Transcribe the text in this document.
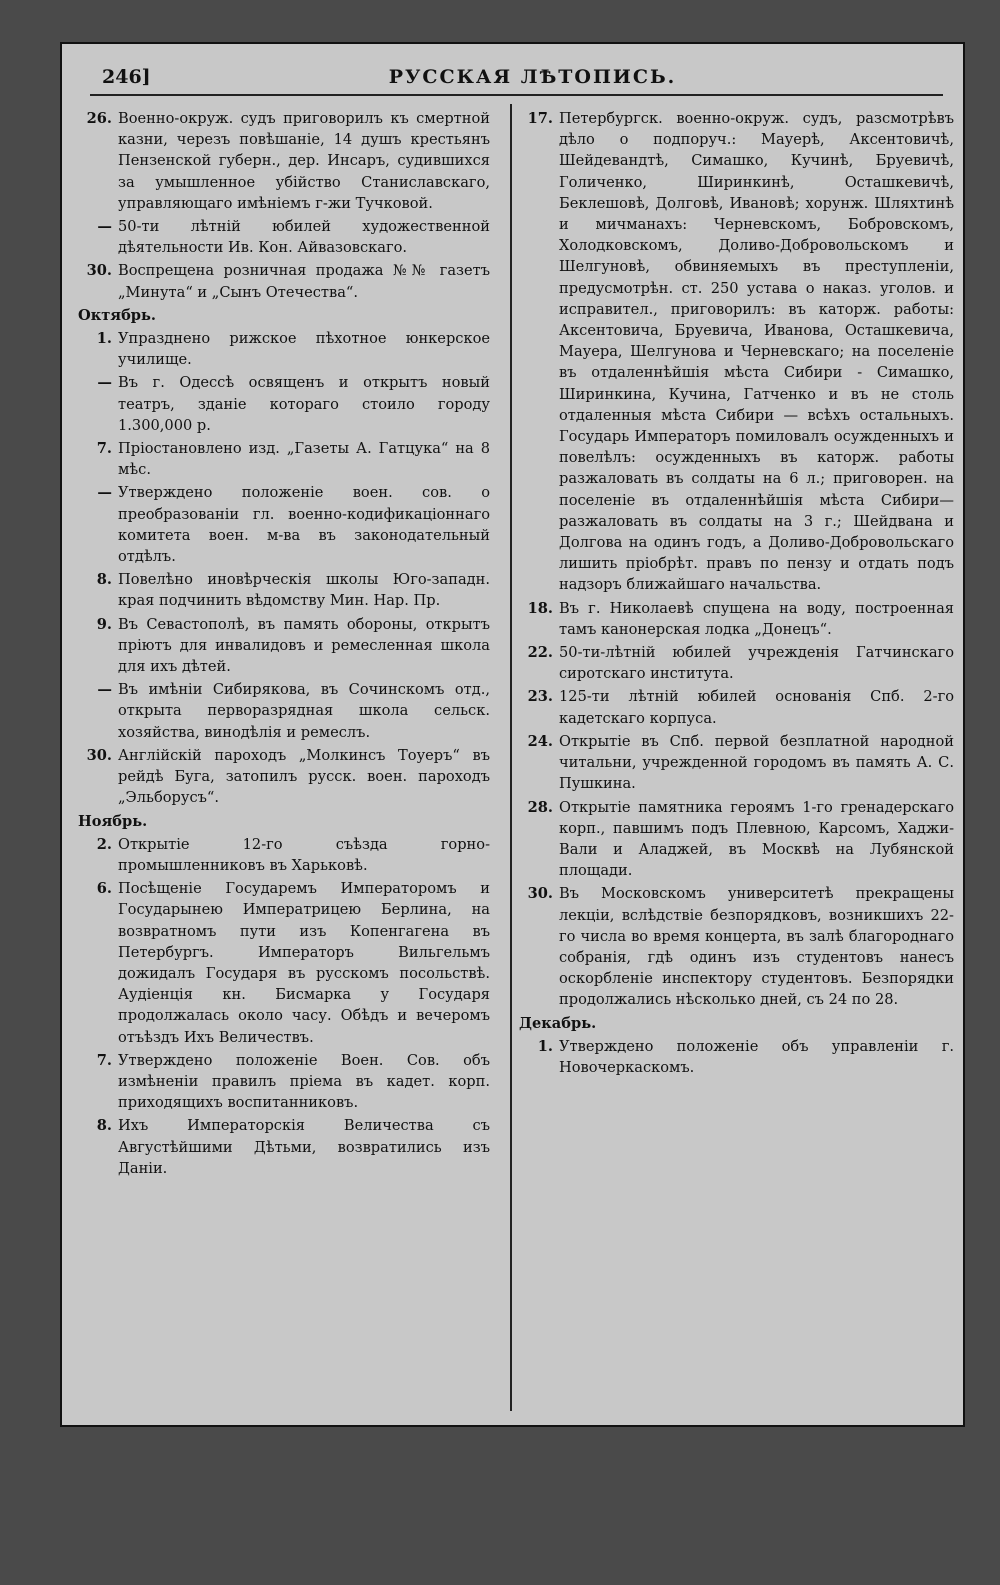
246]	РУССКАЯ ЛѢТОПИСЬ.
26. Военно-окруж. судъ приговорилъ къ смертной казни, черезъ повѣшаніе, 14 душъ крестьянъ Пензенской губерн., дер. Инсаръ, судившихся за умышленное убійство Станиславскаго, управляющаго имѣніемъ г-жи Тучковой.
— 50-ти лѣтній юбилей художественной дѣятельности Ив. Кон. Айвазовскаго.
30. Воспрещена розничная продажа №№ газетъ „Минута“ и „Сынъ Отечества“.
Октябрь.
1. Упразднено рижское пѣхотное юнкерское училище.
— Въ г. Одессѣ освященъ и открытъ новый театръ, зданіе котораго стоило городу 1.300,000 р.
7. Пріостановлено изд. „Газеты А. Гатцука“ на 8 мѣс.
— Утверждено положеніе воен. сов. о преобразованіи гл. военно-кодификаціоннаго комитета воен. м-ва въ законодательный отдѣлъ.
8. Повелѣно иновѣрческія школы Юго-западн. края подчинить вѣдомству Мин. Нар. Пр.
9. Въ Севастополѣ, въ память обороны, открытъ пріютъ для инвалидовъ и ремесленная школа для ихъ дѣтей.
— Въ имѣніи Сибирякова, въ Сочинскомъ отд., открыта перворазрядная школа сельск. хозяйства, винодѣлія и ремеслъ.
30. Англійскій пароходъ „Молкинсъ Тоуеръ“ въ рейдѣ Буга, затопилъ русск. воен. пароходъ „Эльборусъ“.
Ноябрь.
2. Открытіе 12-го съѣзда горно-промышленниковъ въ Харьковѣ.
6. Посѣщеніе Государемъ Императоромъ и Государынею Императрицею Берлина, на возвратномъ пути изъ Копенгагена въ Петербургъ. Императоръ Вильгельмъ дожидалъ Государя въ русскомъ посольствѣ. Аудіенція кн. Бисмарка у Государя продолжалась около часу. Обѣдъ и вечеромъ отъѣздъ Ихъ Величествъ.
7. Утверждено положеніе Воен. Сов. объ измѣненіи правилъ пріема въ кадет. корп. приходящихъ воспитанниковъ.
8. Ихъ Императорскія Величества съ Августѣйшими Дѣтьми, возвратились изъ Даніи.
17. Петербургск. военно-окруж. судъ, разсмотрѣвъ дѣло о подпоруч.: Мауерѣ, Аксентовичѣ, Шейдевандтѣ, Симашко, Кучинѣ, Бруевичѣ, Голиченко, Ширинкинѣ, Осташкевичѣ, Беклешовѣ, Долговѣ, Ивановѣ; хорунж. Шляхтинѣ и мичманахъ: Черневскомъ, Бобровскомъ, Холодковскомъ, Доливо-Добровольскомъ и Шелгуновѣ, обвиняемыхъ въ преступленіи, предусмотрѣн. ст. 250 устава о наказ. уголов. и исправител., приговорилъ: въ каторж. работы: Аксентовича, Бруевича, Иванова, Осташкевича, Мауера, Шелгунова и Черневскаго; на поселеніе въ отдаленнѣйшія мѣста Сибири - Симашко, Ширинкина, Кучина, Гатченко и въ не столь отдаленныя мѣста Сибири — всѣхъ остальныхъ. Государь Императоръ помиловалъ осужденныхъ и повелѣлъ: осужденныхъ въ каторж. работы разжаловать въ солдаты на 6 л.; приговорен. на поселеніе въ отдаленнѣйшія мѣста Сибири—разжаловать въ солдаты на 3 г.; Шейдвана и Долгова на одинъ годъ, а Доливо-Добровольскаго лишить пріобрѣт. правъ по пензу и отдать подъ надзоръ ближайшаго начальства.
18. Въ г. Николаевѣ спущена на воду, построенная тамъ канонерская лодка „Донецъ“.
22. 50-ти-лѣтній юбилей учрежденія Гатчинскаго сиротскаго института.
23. 125-ти лѣтній юбилей основанія Спб. 2-го кадетскаго корпуса.
24. Открытіе въ Спб. первой безплатной народной читальни, учрежденной городомъ въ память А. С. Пушкина.
28. Открытіе памятника героямъ 1-го гренадерскаго корп., павшимъ подъ Плевною, Карсомъ, Хаджи-Вали и Аладжей, въ Москвѣ на Лубянской площади.
30. Въ Московскомъ университетѣ прекращены лекціи, вслѣдствіе безпорядковъ, возникшихъ 22-го числа во время концерта, въ залѣ благороднаго собранія, гдѣ одинъ изъ студентовъ нанесъ оскорбленіе инспектору студентовъ. Безпорядки продолжались нѣсколько дней, съ 24 по 28.
Декабрь.
1. Утверждено положеніе объ управленіи г. Новочеркаскомъ.
